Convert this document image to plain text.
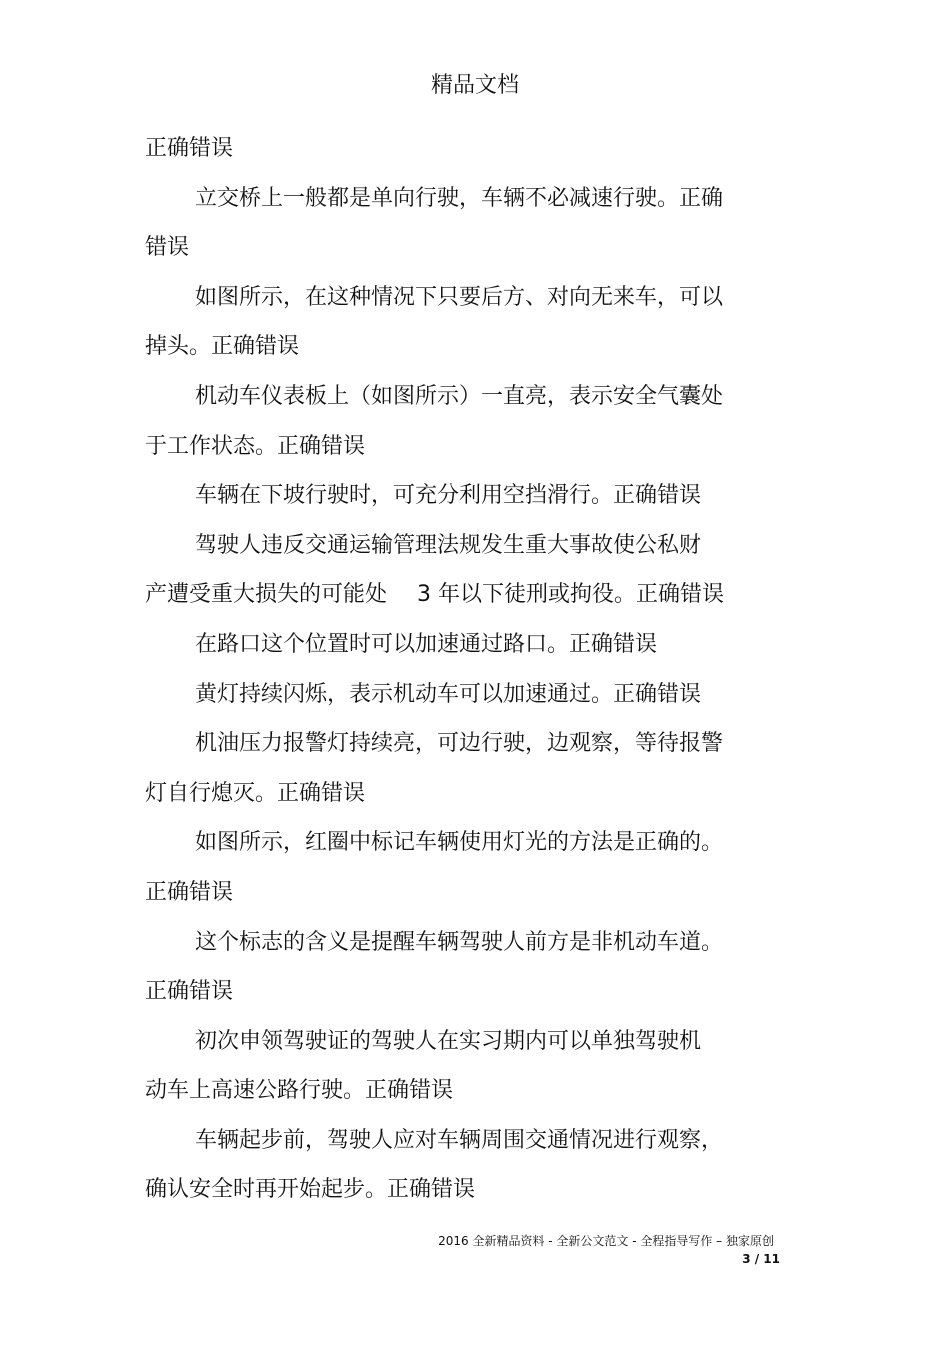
精品文档
正确错误
立交桥上一般都是单向行驶，车辆不必减速行驶。正确
错误
如图所示，在这种情况下只要后方、对向无来车，可以
掉头。正确错误
机动车仪表板上（如图所示）一直亮，表示安全气囊处
于工作状态。正确错误
车辆在下坡行驶时，可充分利用空挡滑行。正确错误
驾驶人违反交通运输管理法规发生重大事故使公私财
产遭受重大损失的可能处 3 年以下徒刑或拘役。正确错误
在路口这个位置时可以加速通过路口。正确错误
黄灯持续闪烁，表示机动车可以加速通过。正确错误
机油压力报警灯持续亮，可边行驶，边观察，等待报警
灯自行熄灭。正确错误
如图所示，红圈中标记车辆使用灯光的方法是正确的。
正确错误
这个标志的含义是提醒车辆驾驶人前方是非机动车道。
正确错误
初次申领驾驶证的驾驶人在实习期内可以单独驾驶机
动车上高速公路行驶。正确错误
车辆起步前，驾驶人应对车辆周围交通情况进行观察，
确认安全时再开始起步。正确错误
2016 全新精品资料 - 全新公文范文 - 全程指导写作 – 独家原创
3 / 11
